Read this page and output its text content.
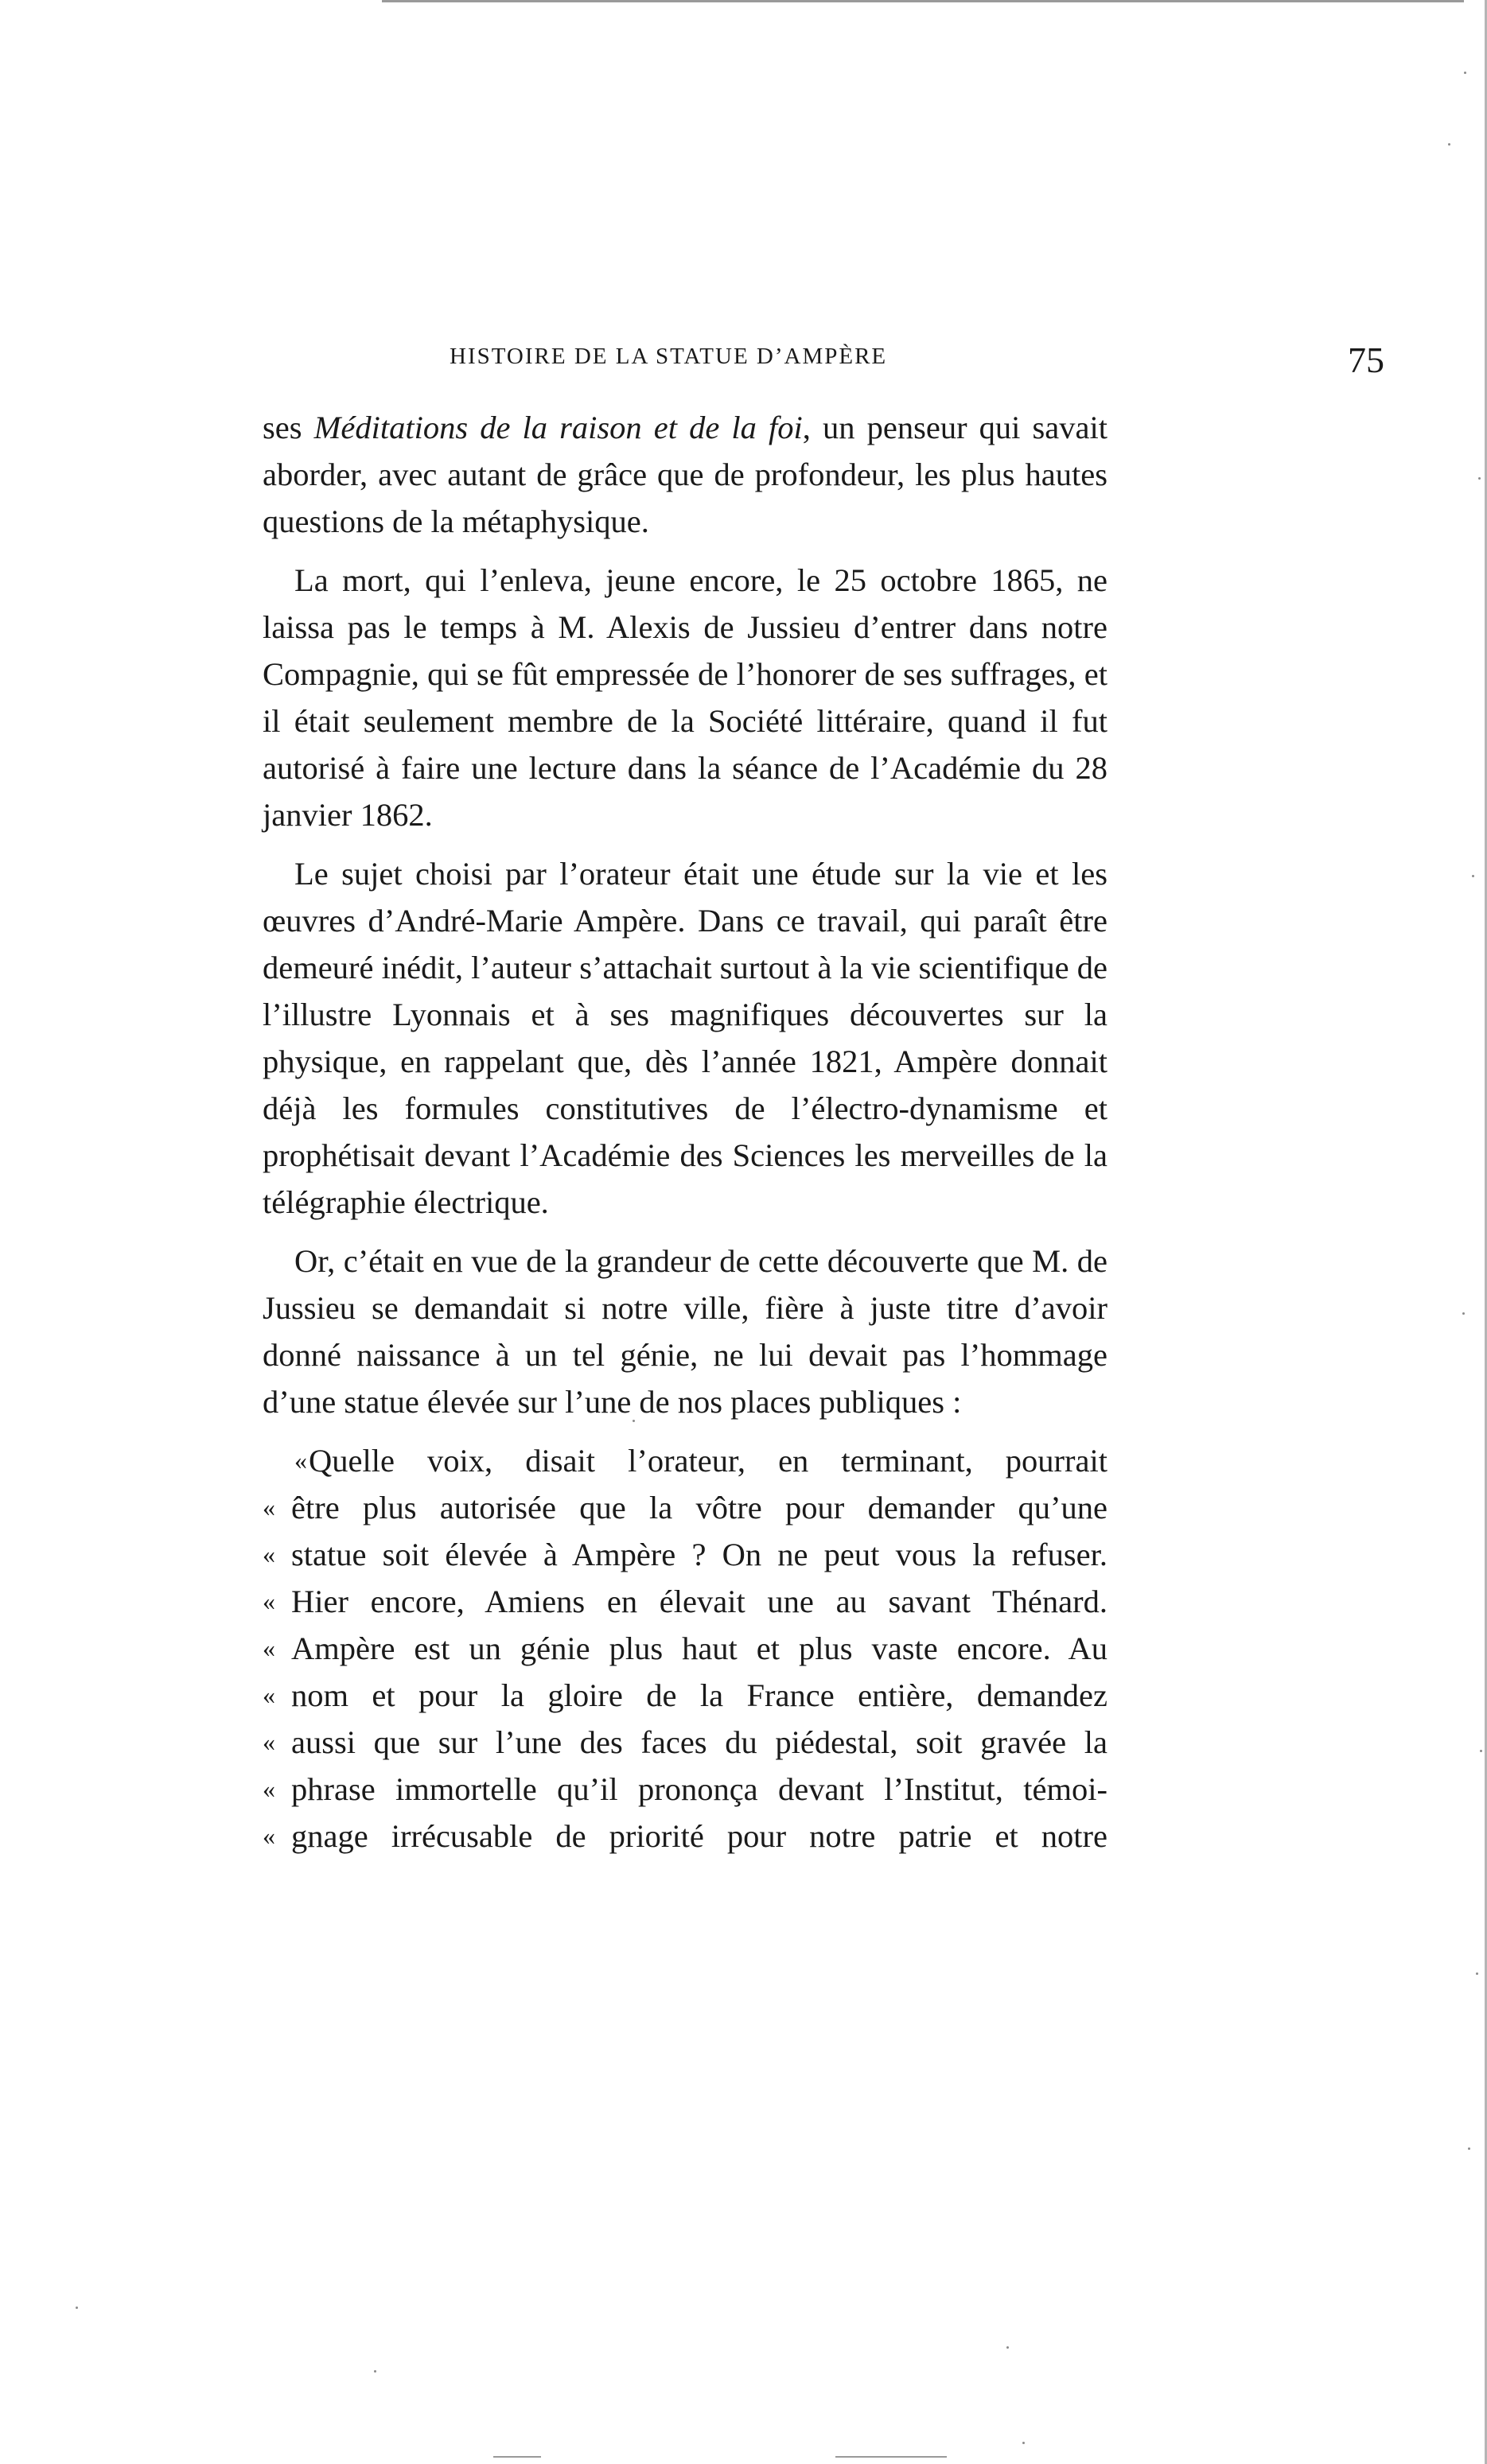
HISTOIRE DE LA STATUE D’AMPÈRE	75

ses Méditations de la raison et de la foi, un penseur qui savait aborder, avec autant de grâce que de profondeur, les plus hautes questions de la métaphysique.

La mort, qui l’enleva, jeune encore, le 25 octobre 1865, ne laissa pas le temps à M. Alexis de Jussieu d’entrer dans notre Compagnie, qui se fût empressée de l’honorer de ses suffrages, et il était seulement membre de la Société littéraire, quand il fut autorisé à faire une lecture dans la séance de l’Académie du 28 janvier 1862.

Le sujet choisi par l’orateur était une étude sur la vie et les œuvres d’André-Marie Ampère. Dans ce travail, qui paraît être demeuré inédit, l’auteur s’attachait surtout à la vie scientifique de l’illustre Lyonnais et à ses magnifiques découvertes sur la physique, en rappelant que, dès l’année 1821, Ampère donnait déjà les formules constitutives de l’électro-dynamisme et prophétisait devant l’Académie des Sciences les merveilles de la télégraphie électrique.

Or, c’était en vue de la grandeur de cette découverte que M. de Jussieu se demandait si notre ville, fière à juste titre d’avoir donné naissance à un tel génie, ne lui devait pas l’hommage d’une statue élevée sur l’une de nos places publiques :

« Quelle voix, disait l’orateur, en terminant, pourrait
« être plus autorisée que la vôtre pour demander qu’une
« statue soit élevée à Ampère ? On ne peut vous la refuser.
« Hier encore, Amiens en élevait une au savant Thénard.
« Ampère est un génie plus haut et plus vaste encore. Au
« nom et pour la gloire de la France entière, demandez
« aussi que sur l’une des faces du piédestal, soit gravée la
« phrase immortelle qu’il prononça devant l’Institut, témoi-
« gnage irrécusable de priorité pour notre patrie et notre
